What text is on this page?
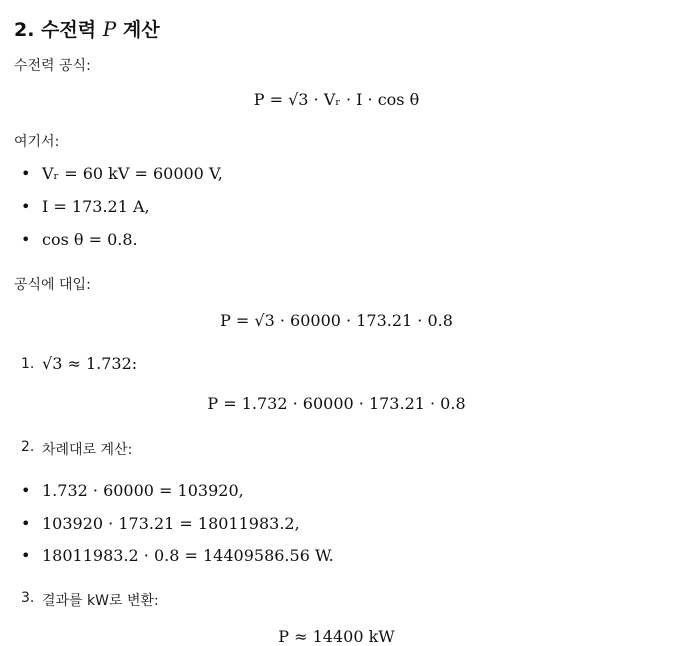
2. 수전력 P 계산
수전력 공식:
P = √3 · Vᵣ · I · cos θ
여기서:
• Vᵣ = 60 kV = 60000 V,
• I = 173.21 A,
• cos θ = 0.8.
공식에 대입:
P = √3 · 60000 · 173.21 · 0.8
1. √3 ≈ 1.732:
P = 1.732 · 60000 · 173.21 · 0.8
2. 차례대로 계산:
• 1.732 · 60000 = 103920,
• 103920 · 173.21 = 18011983.2,
• 18011983.2 · 0.8 = 14409586.56 W.
3. 결과를 kW로 변환:
P ≈ 14400 kW
